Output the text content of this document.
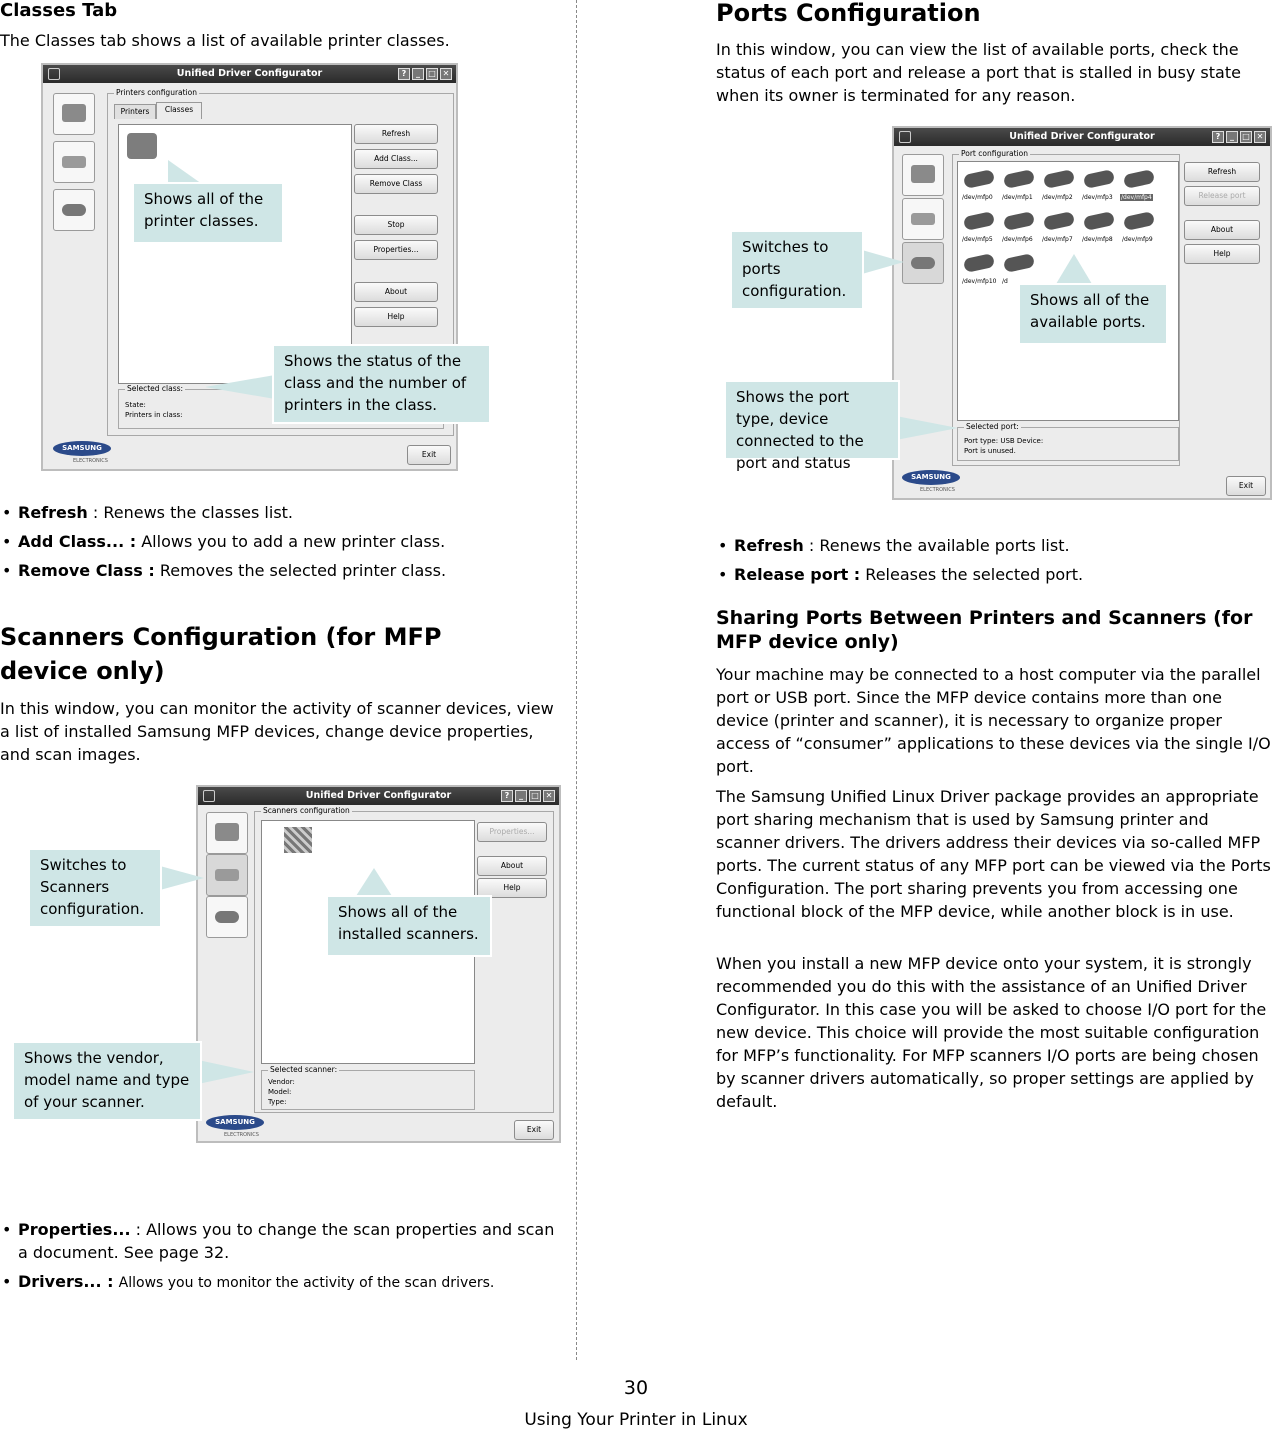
Classes Tab

The Classes tab shows a list of available printer classes.

Unified Driver Configurator	?	_	□ ✕
Printers configuration
Printers	Classes
Refresh
Add Class...
Remove Class
Stop
Properties...
About
Help
Selected class:
State:
Printers in class:
SAMSUNG
ELECTRONICS
Exit
Shows all of the printer classes.
Shows the status of the class and the number of printers in the class.
• Refresh : Renews the classes list.
• Add Class... : Allows you to add a new printer class.
• Remove Class : Removes the selected printer class.
Scanners Configuration (for MFP device only)

In this window, you can monitor the activity of scanner devices, view a list of installed Samsung MFP devices, change device properties, and scan images.

Unified Driver Configurator	?	_	□ ✕
Scanners configuration
Properties...
About
Help
Selected scanner:
Vendor:
Model:
Type:
SAMSUNG
ELECTRONICS
Exit
Switches to Scanners configuration.	Shows all of the installed scanners.
Shows the vendor, model name and type of your scanner.
• Properties... : Allows you to change the scan properties and scan a document. See page 32.
• Drivers... : Allows you to monitor the activity of the scan drivers.
Ports Configuration

In this window, you can view the list of available ports, check the status of each port and release a port that is stalled in busy state when its owner is terminated for any reason.

Unified Driver Configurator	?	_	□ ✕
Port configuration
/dev/mfp0 /dev/mfp1 /dev/mfp2 /dev/mfp3 /dev/mfp4
/dev/mfp5 /dev/mfp6 /dev/mfp7 /dev/mfp8 /dev/mfp9
/dev/mfp10 /d
Selected port:
Port type: USB Device:
Port is unused.
Refresh
Release port
About
Help
SAMSUNG
ELECTRONICS	Exit
Switches to ports configuration.	Shows all of the available ports.
Shows the port type, device connected to the port and status
• Refresh : Renews the available ports list.
• Release port : Releases the selected port.
Sharing Ports Between Printers and Scanners (for MFP device only)

Your machine may be connected to a host computer via the parallel port or USB port. Since the MFP device contains more than one device (printer and scanner), it is necessary to organize proper access of “consumer” applications to these devices via the single I/O port.

The Samsung Unified Linux Driver package provides an appropriate port sharing mechanism that is used by Samsung printer and scanner drivers. The drivers address their devices via so-called MFP ports. The current status of any MFP port can be viewed via the Ports Configuration. The port sharing prevents you from accessing one functional block of the MFP device, while another block is in use.

When you install a new MFP device onto your system, it is strongly recommended you do this with the assistance of an Unified Driver Configurator. In this case you will be asked to choose I/O port for the new device. This choice will provide the most suitable configuration for MFP’s functionality. For MFP scanners I/O ports are being chosen by scanner drivers automatically, so proper settings are applied by default.

30
Using Your Printer in Linux
